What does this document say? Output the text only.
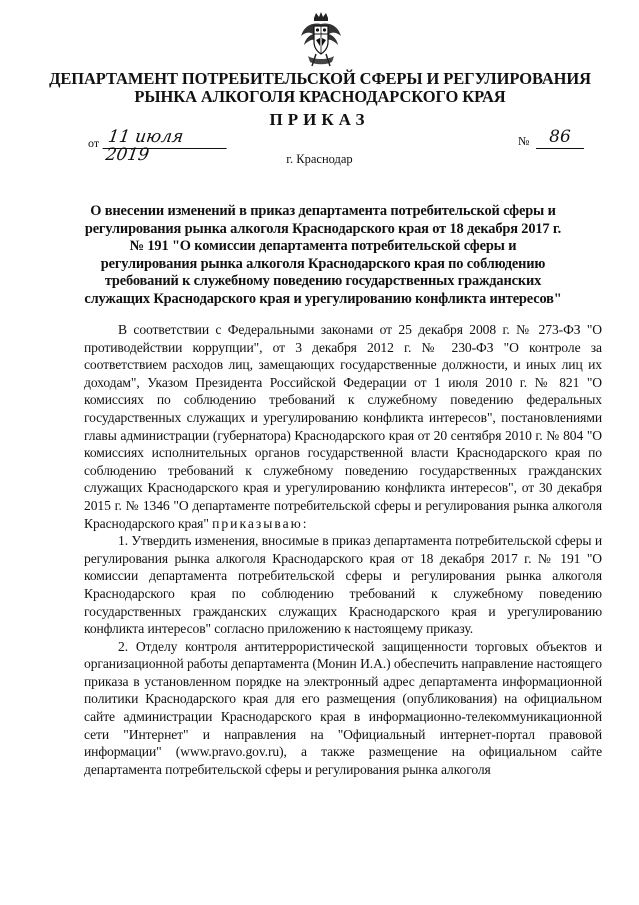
ДЕПАРТАМЕНТ ПОТРЕБИТЕЛЬСКОЙ СФЕРЫ И РЕГУЛИРОВАНИЯ
РЫНКА АЛКОГОЛЯ КРАСНОДАРСКОГО КРАЯ
ПРИКАЗ
от 11 июля 2019
№	86
г. Краснодар
О внесении изменений в приказ департамента потребительской сферы и
регулирования рынка алкоголя Краснодарского края от 18 декабря 2017 г.
№ 191 "О комиссии департамента потребительской сферы и
регулирования рынка алкоголя Краснодарского края по соблюдению
требований к служебному поведению государственных гражданских
служащих Краснодарского края и урегулированию конфликта интересов"

В соответствии с Федеральными законами от 25 декабря 2008 г. № 273-ФЗ "О противодействии коррупции", от 3 декабря 2012 г. № 230-ФЗ "О контроле за соответствием расходов лиц, замещающих государственные должности, и иных лиц их доходам", Указом Президента Российской Федерации от 1 июля 2010 г. № 821 "О комиссиях по соблюдению требований к служебному поведению федеральных государственных служащих и урегулированию конфликта интересов", постановлениями главы администрации (губернатора) Краснодарского края от 20 сентября 2010 г. № 804 "О комиссиях исполнительных органов государственной власти Краснодарского края по соблюдению требований к служебному поведению государственных гражданских служащих Краснодарского края и урегулированию конфликта интересов", от 30 декабря 2015 г. № 1346 "О департаменте потребительской сферы и регулирования рынка алкоголя Краснодарского края" приказываю:

1. Утвердить изменения, вносимые в приказ департамента потребительской сферы и регулирования рынка алкоголя Краснодарского края от 18 декабря 2017 г. № 191 "О комиссии департамента потребительской сферы и регулирования рынка алкоголя Краснодарского края по соблюдению требований к служебному поведению государственных гражданских служащих Краснодарского края и урегулированию конфликта интересов" согласно приложению к настоящему приказу.

2. Отделу контроля антитеррористической защищенности торговых объектов и организационной работы департамента (Монин И.А.) обеспечить направление настоящего приказа в установленном порядке на электронный адрес департамента информационной политики Краснодарского края для его размещения (опубликования) на официальном сайте администрации Краснодарского края в информационно-телекоммуникационной сети "Интернет" и направления на "Официальный интернет-портал правовой информации" (www.pravo.gov.ru), а также размещение на официальном сайте департамента потребительской сферы и регулирования рынка алкоголя
